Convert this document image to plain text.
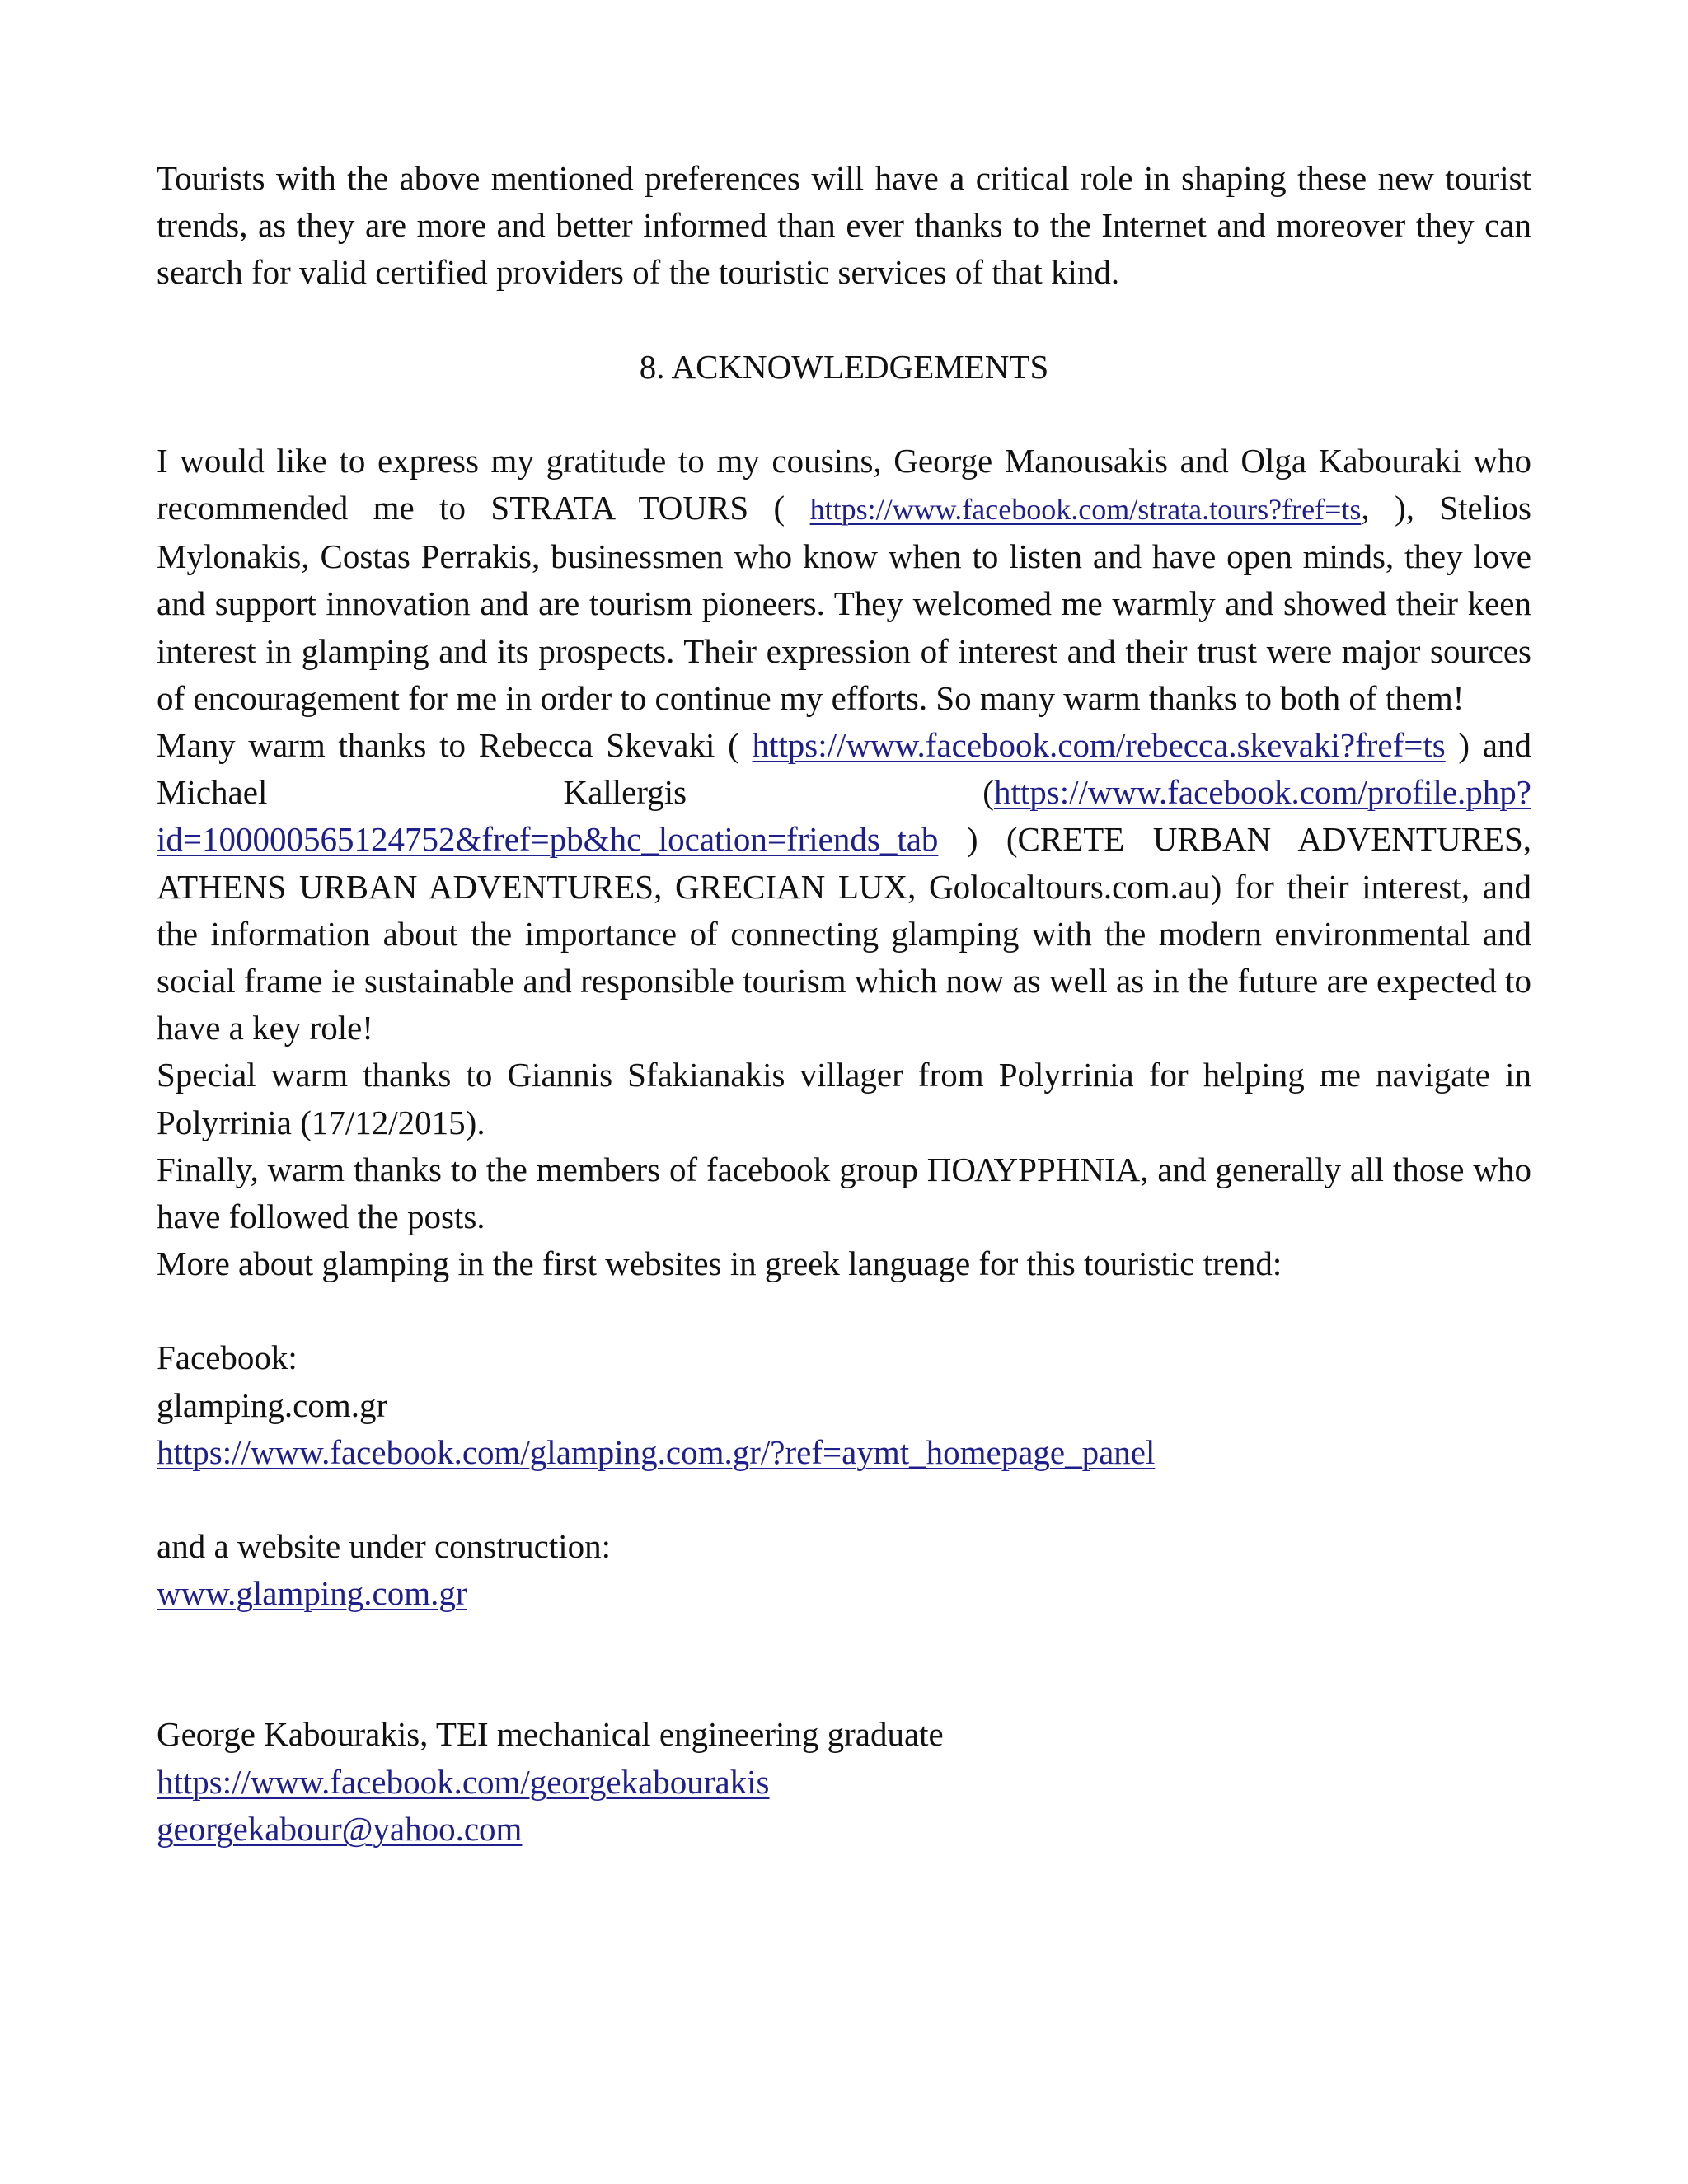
Tourists with the above mentioned preferences will have a critical role in shaping these new tourist trends, as they are more and better informed than ever thanks to the Internet and moreover they can search for valid certified providers of the touristic services of that kind.

8. ACKNOWLEDGEMENTS

I would like to express my gratitude to my cousins, George Manousakis and Olga Kabouraki who recommended me to STRATA TOURS ( https://www.facebook.com/strata.tours?fref=ts, ), Stelios Mylonakis, Costas Perrakis, businessmen who know when to listen and have open minds, they love and support innovation and are tourism pioneers. They welcomed me warmly and showed their keen interest in glamping and its prospects. Their expression of interest and their trust were major sources of encouragement for me in order to continue my efforts. So many warm thanks to both of them!

Many warm thanks to Rebecca Skevaki ( https://www.facebook.com/rebecca.skevaki?fref=ts ) and Michael Kallergis (https://www.facebook.com/profile.php?id=100000565124752&fref=pb&hc_location=friends_tab ) (CRETE URBAN ADVENTURES, ATHENS URBAN ADVENTURES, GRECIAN LUX, Golocaltours.com.au) for their interest, and the information about the importance of connecting glamping with the modern environmental and social frame ie sustainable and responsible tourism which now as well as in the future are expected to have a key role!

Special warm thanks to Giannis Sfakianakis villager from Polyrrinia for helping me navigate in Polyrrinia (17/12/2015).

Finally, warm thanks to the members of facebook group ΠΟΛΥΡΡΗΝΙΑ, and generally all those who have followed the posts.

More about glamping in the first websites in greek language for this touristic trend:

Facebook:

glamping.com.gr

https://www.facebook.com/glamping.com.gr/?ref=aymt_homepage_panel

and a website under construction:

www.glamping.com.gr

George Kabourakis, TEI mechanical engineering graduate

https://www.facebook.com/georgekabourakis

georgekabour@yahoo.com
